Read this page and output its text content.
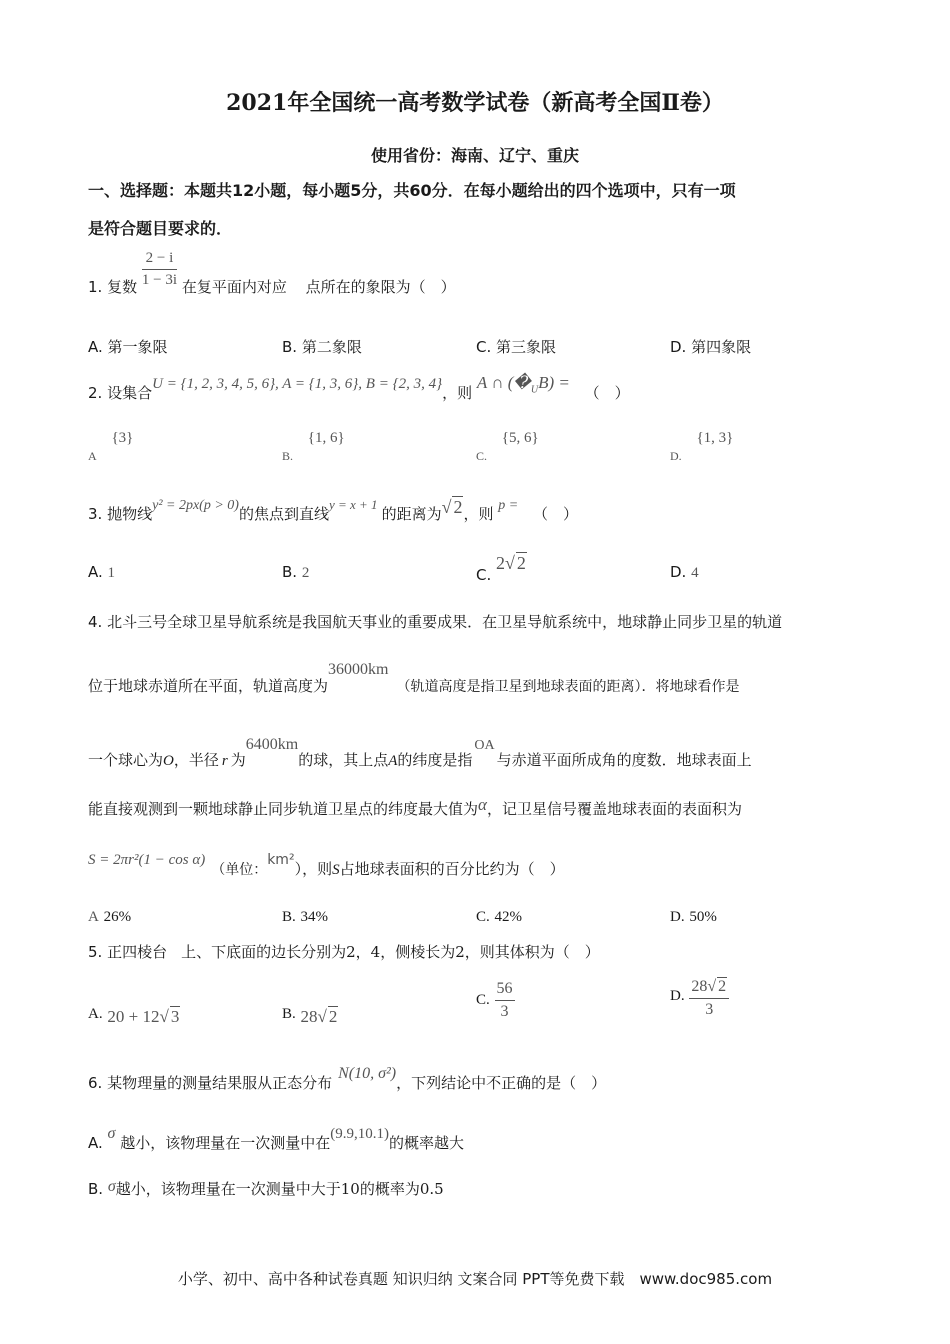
2021年全国统一高考数学试卷（新高考全国Ⅱ卷）
使用省份：海南、辽宁、重庆
一、选择题：本题共12小题，每小题5分，共60分．在每小题给出的四个选项中，只有一项
是符合题目要求的．
1. 复数 $\frac{2 - i}{1 - 3i}$ 在复平面内对应 点所在的象限为（　）
A. 第一象限	B. 第二象限	C. 第三象限	D. 第四象限
2. 设集合U = {1, 2, 3, 4, 5, 6}, A = {1, 3, 6}, B = {2, 3, 4}，则 A ∩ $(�_UB)$ = （　）
$_A$ {3}
$_{B.}$ {1, 6}
$_{C.}$ {5, 6}
$_{D.}$ {1, 3}
3. 抛物线y² = 2px(p > 0)的焦点到直线y = x + 1的距离为√ 2，则 p = （　）
A. 1	B. 2	C. 2√ 2	D. 4
4. 北斗三号全球卫星导航系统是我国航天事业的重要成果．在卫星导航系统中，地球静止同步卫星的轨道
位于地球赤道所在平面，轨道高度为36000km（轨道高度是指卫星到地球表面的距离）．将地球看作是
一个球心为O，半径 r 为6400km的球，其上点A的纬度是指OA与赤道平面所成角的度数．地球表面上
能直接观测到一颗地球静止同步轨道卫星点的纬度最大值为α，记卫星信号覆盖地球表面的表面积为
S = 2πr²(1 − cos α)（单位：km²），则S占地球表面积的百分比约为（　）
A 26%	B. 34%	C. 42%	D. 50%
5. 正四棱台 上、下底面的边长分别为2，4，侧棱长为2，则其体积为（　）
A. 20 + 12√ 3	B. 28√ 2
C. $\frac{56}{3}$	D. $\frac{28√ 2}{3}$
6. 某物理量的测量结果服从正态分布N(10, σ²)，下列结论中不正确的是（　）
A. σ 越小，该物理量在一次测量中在(9.9,10.1)的概率越大
B. σ越小，该物理量在一次测量中大于10的概率为0.5
小学、初中、高中各种试卷真题 知识归纳 文案合同 PPT等免费下载　www.doc985.com
